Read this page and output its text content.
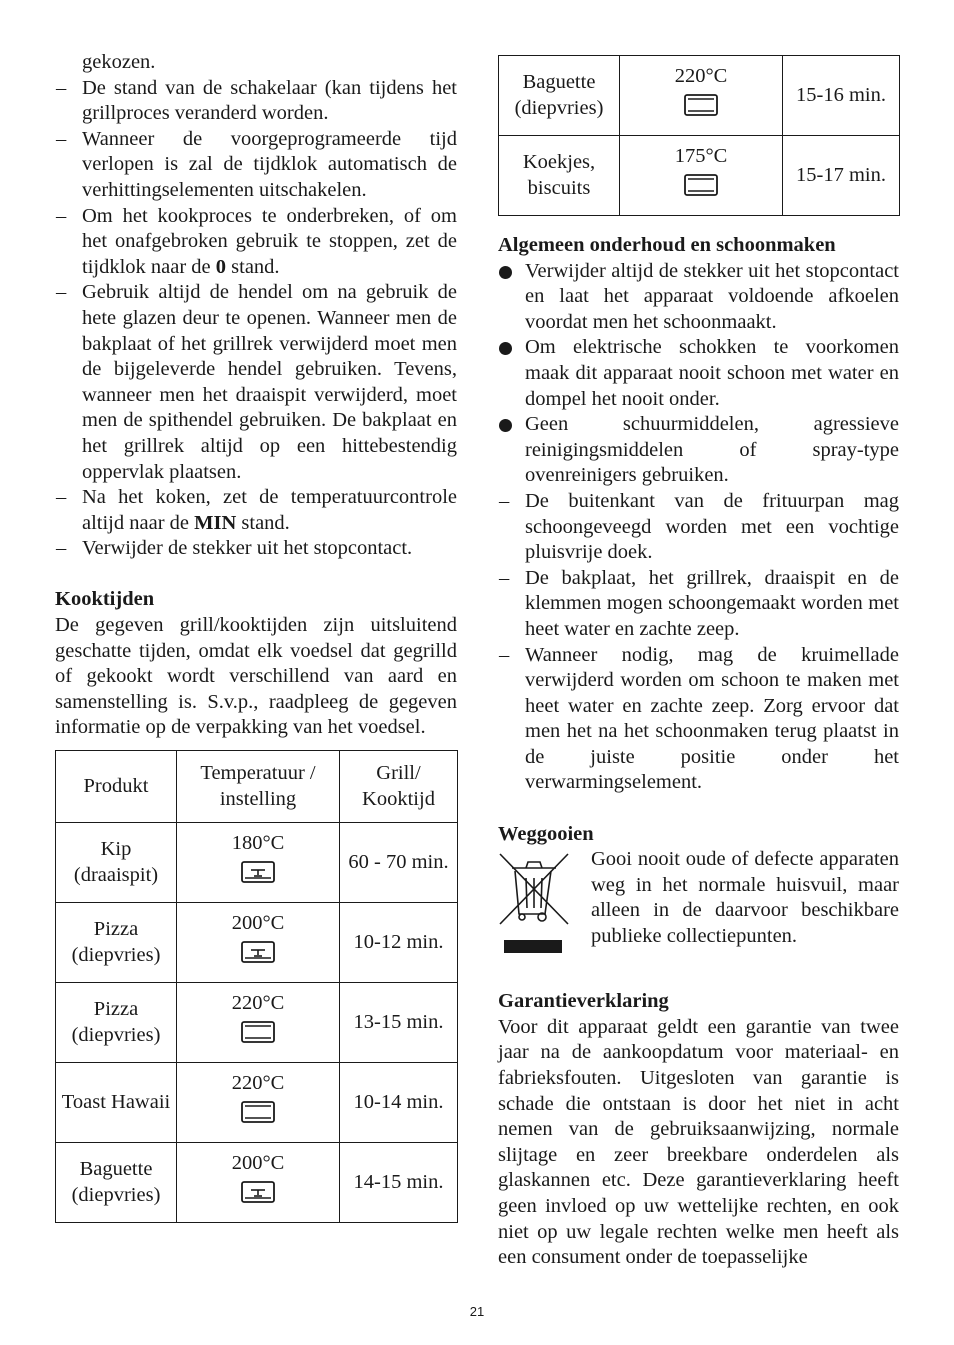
gekozen.

– De stand van de schakelaar (kan tijdens het grillproces veranderd worden.
– Wanneer de voorgeprogrameerde tijd verlopen is zal de tijdklok automatisch de verhittingselementen uitschakelen.
– Om het kookproces te onderbreken, of om het onafgebroken gebruik te stoppen, zet de tijdklok naar de 0 stand.
– Gebruik altijd de hendel om na gebruik de hete glazen deur te openen. Wanneer men de bakplaat of het grillrek verwijderd moet men de bijgeleverde hendel gebruiken. Tevens, wanneer men het draaispit verwijderd, moet men de spithendel gebruiken. De bakplaat en het grillrek altijd op een hittebestendig oppervlak plaatsen.
– Na het koken, zet de temperatuurcontrole altijd naar de MIN stand.
– Verwijder de stekker uit het stopcontact.

Kooktijden

De gegeven grill/kooktijden zijn uitsluitend geschatte tijden, omdat elk voedsel dat gegrilld of gekookt wordt verschillend van aard en samenstelling is. S.v.p., raadpleeg de gegeven informatie op de verpakking van het voedsel.

Produkt	Temperatuur / instelling	Grill/ Kooktijd
Kip (draaispit)	180°C	60 - 70 min.
Pizza (diepvries)	200°C	10-12 min.
Pizza (diepvries)	220°C	13-15 min.
Toast Hawaii	220°C	10-14 min.
Baguette (diepvries)	200°C	14-15 min.
Baguette (diepvries)	220°C	15-16 min.
Koekjes, biscuits	175°C	15-17 min.

Algemeen onderhoud en schoonmaken

Verwijder altijd de stekker uit het stopcontact en laat het apparaat voldoende afkoelen voordat men het schoonmaakt.
Om elektrische schokken te voorkomen maak dit apparaat nooit schoon met water en dompel het nooit onder.
Geen schuurmiddelen, agressieve reinigingsmiddelen of spray-type ovenreinigers gebruiken.
– De buitenkant van de frituurpan mag schoongeveegd worden met een vochtige pluisvrije doek.
– De bakplaat, het grillrek, draaispit en de klemmen mogen schoongemaakt worden met heet water en zachte zeep.
– Wanneer nodig, mag de kruimellade verwijderd worden om schoon te maken met heet water en zachte zeep. Zorg ervoor dat men het na het schoonmaken terug plaatst in de juiste positie onder het verwarmingselement.

Weggooien

Gooi nooit oude of defecte apparaten weg in het normale huisvuil, maar alleen in de daarvoor beschikbare publieke collectiepunten.

Garantieverklaring

Voor dit apparaat geldt een garantie van twee jaar na de aankoopdatum voor materiaal- en fabrieksfouten. Uitgesloten van garantie is schade die ontstaan is door het niet in acht nemen van de gebruiksaanwijzing, normale slijtage en zeer breekbare onderdelen als glaskannen etc. Deze garantieverklaring heeft geen invloed op uw wettelijke rechten, en ook niet op uw legale rechten welke men heeft als een consument onder de toepasselijke

21
